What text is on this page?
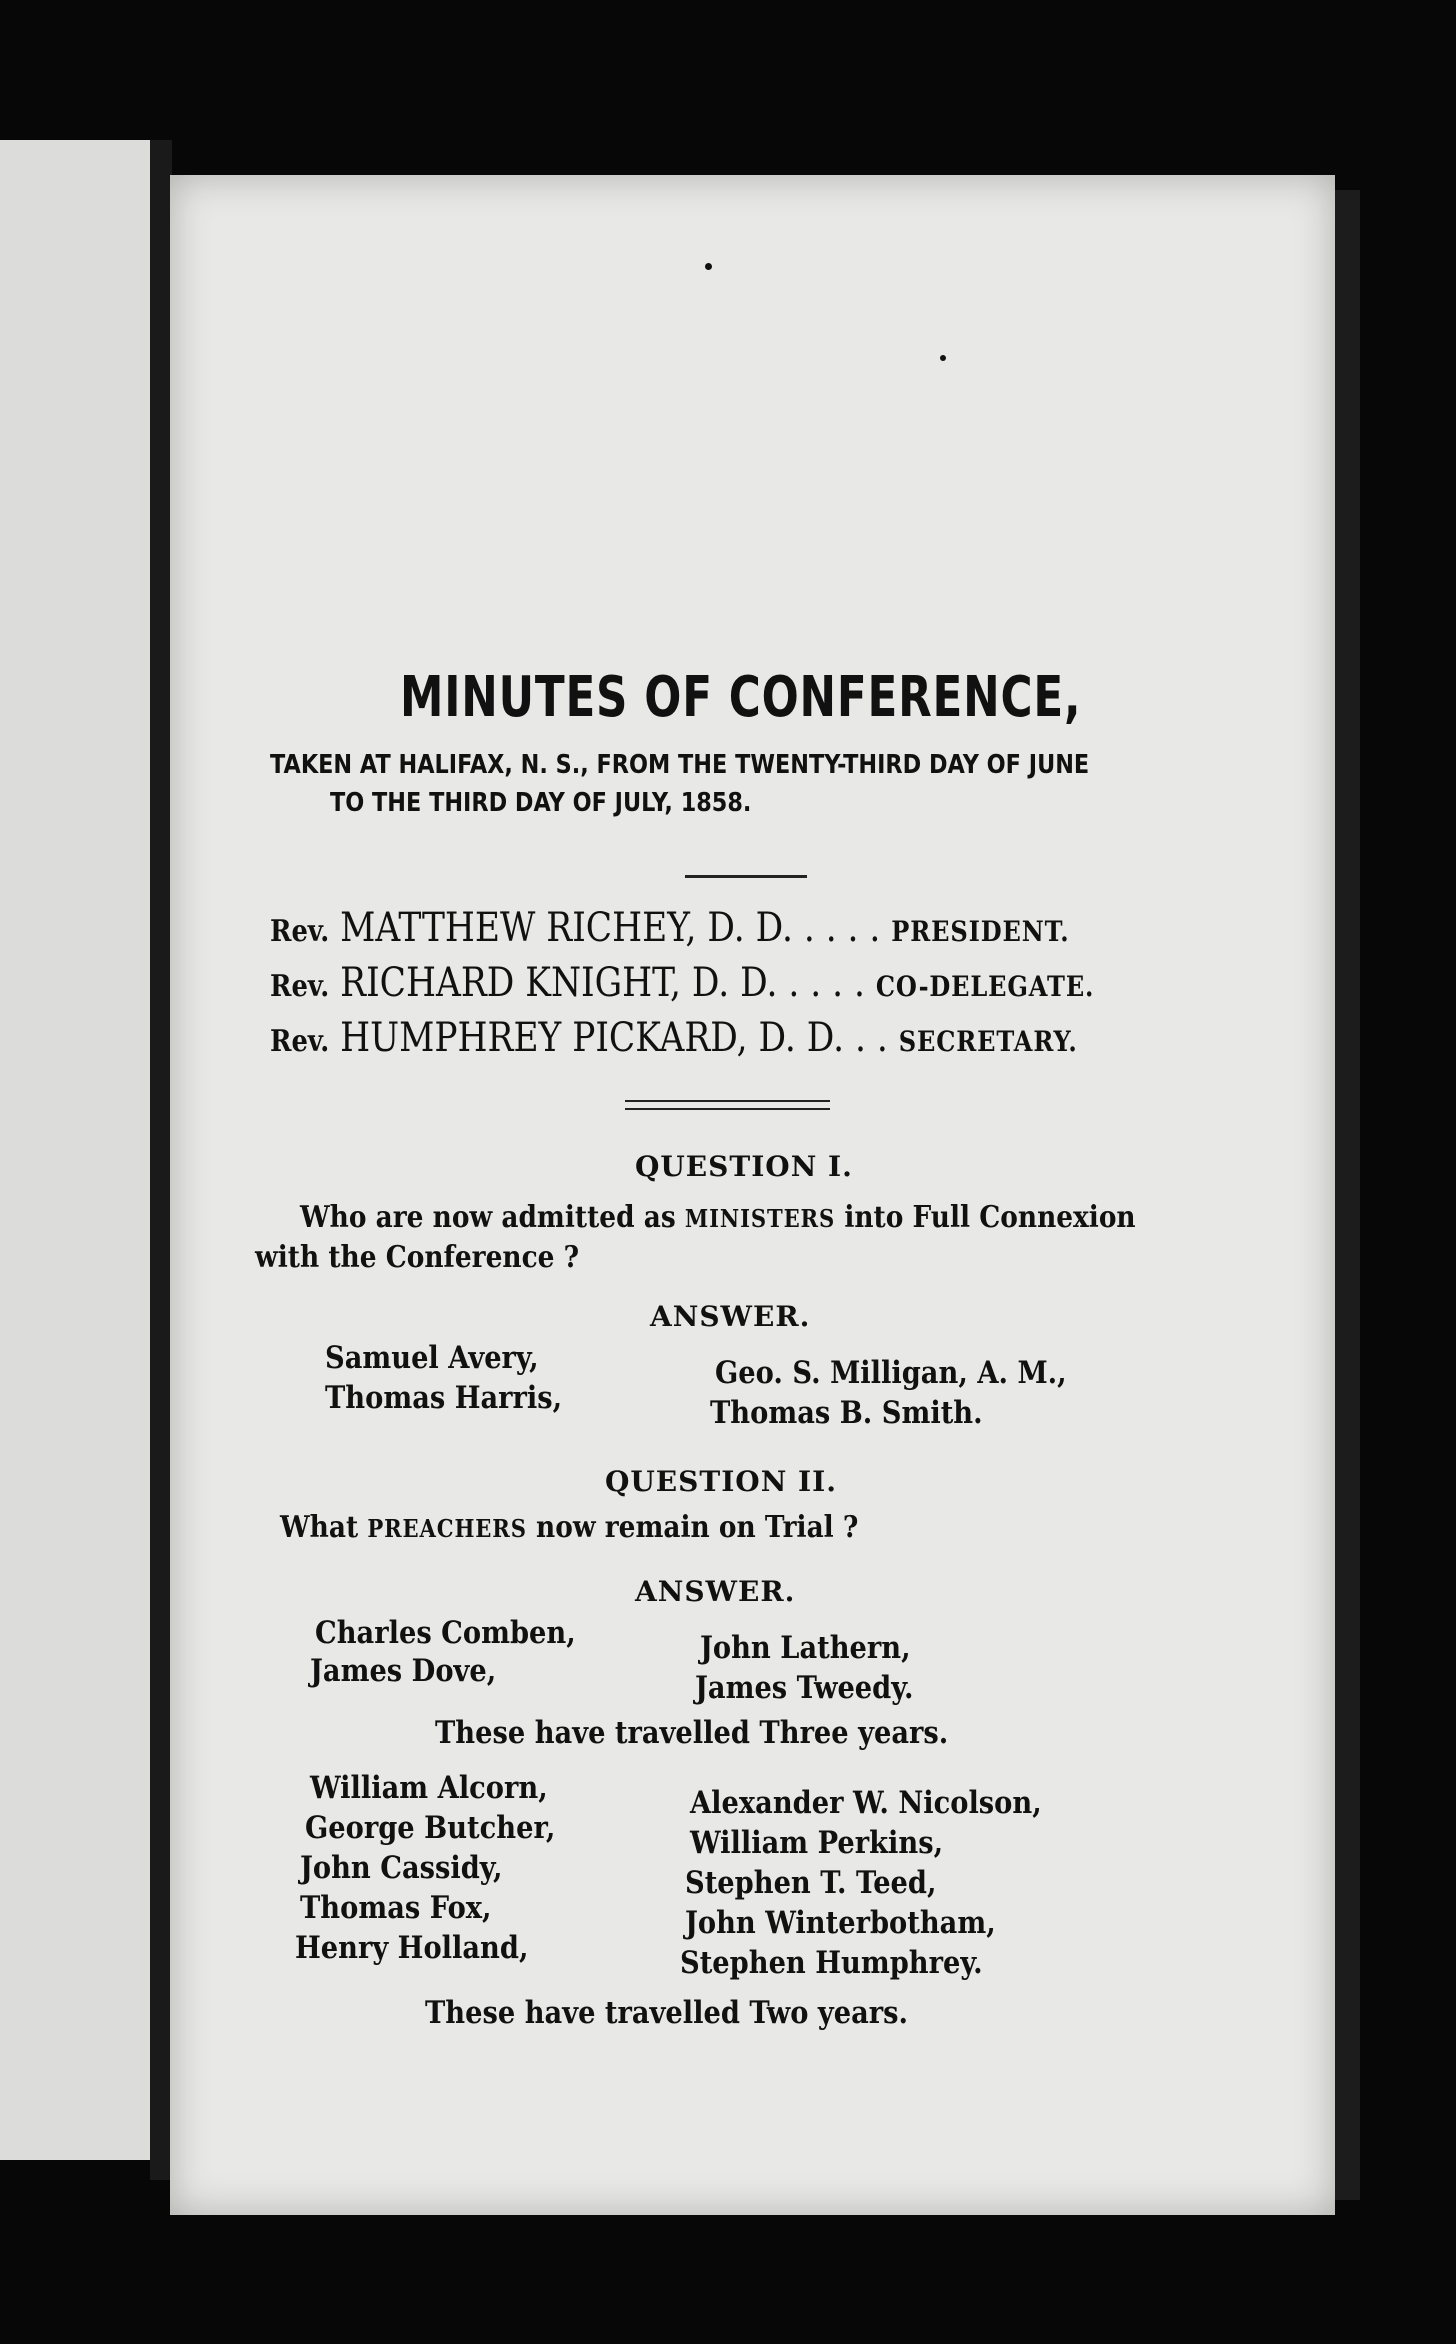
MINUTES OF CONFERENCE,
TAKEN AT HALIFAX, N. S., FROM THE TWENTY-THIRD DAY OF JUNE
TO THE THIRD DAY OF JULY, 1858.
Rev. MATTHEW RICHEY, D. D. . . . . PRESIDENT.
Rev. RICHARD KNIGHT, D. D. . . . . CO-DELEGATE.
Rev. HUMPHREY PICKARD, D. D. . . SECRETARY.
QUESTION I.
Who are now admitted as MINISTERS into Full Connexion
with the Conference ?
ANSWER.
Samuel Avery,
Thomas Harris,
Geo. S. Milligan, A. M.,
Thomas B. Smith.
QUESTION II.
What PREACHERS now remain on Trial ?
ANSWER.
Charles Comben,
James Dove,
John Lathern,
James Tweedy.
These have travelled Three years.
William Alcorn,
George Butcher,
John Cassidy,
Thomas Fox,
Henry Holland,
Alexander W. Nicolson,
William Perkins,
Stephen T. Teed,
John Winterbotham,
Stephen Humphrey.
These have travelled Two years.
